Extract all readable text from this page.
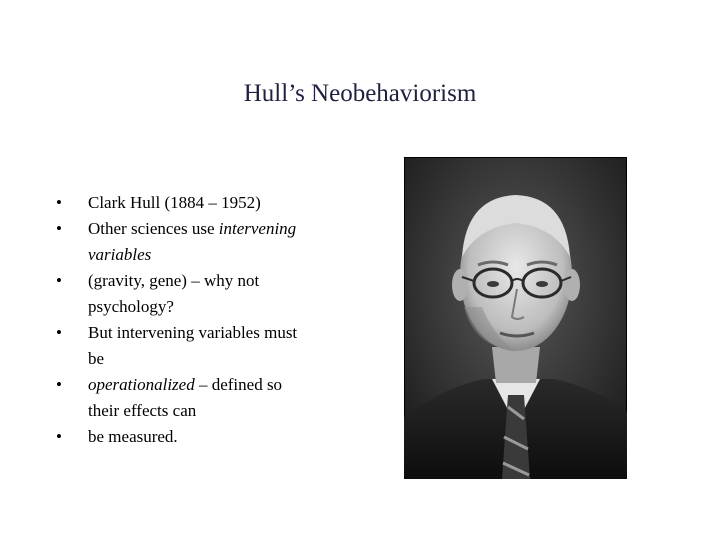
Hull’s Neobehaviorism
•	Clark Hull (1884 – 1952)
•	Other sciences use intervening
variables
•	(gravity, gene) – why not
psychology?
•	But intervening variables must
be
•	operationalized – defined so
their effects can
•	be measured.
